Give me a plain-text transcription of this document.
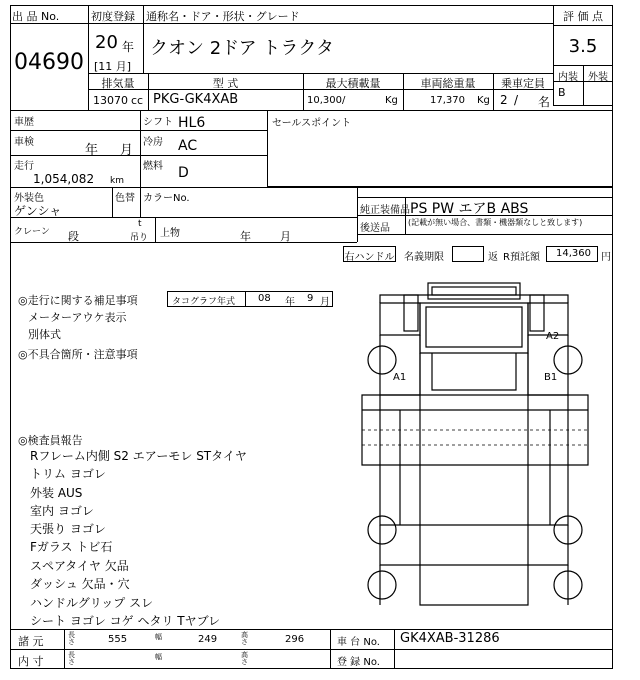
出 品 No.
04690
初度登録
20 年
[11 月]
通称名・ドア・形状・グレード
クオン 2ドア トラクタ
評 価 点
3.5
内装	外装
B
排気量
13070 cc
型 式
PKG-GK4XAB
最大積載量
10,300 /	Kg
車両総重量
17,370 Kg
乗車定員
2 / 名
車歴
車検
年 月
走行
1,054,082 km
シフト HL6
冷房 AC
燃料 D
セールスポイント
外装色
ゲンシャ
色替 カラーNo.
純正装備品 PS PW エアB ABS
後送品
(記載が無い場合、書類・機器類なしと致します)
クレーン 段
t
吊り 上物	年	月
右ハンドル 名義期限	返 R預託額 14,360 円
◎走行に関する補足事項	タコグラフ年式 08 年 9 月
メーターアウケ表示
別体式
◎不具合箇所・注意事項
◎検査員報告
Rフレーム内側 S2 エアーモレ STタイヤ
トリム ヨゴレ
外装 AUS
室内 ヨゴレ
天張り ヨゴレ
Fガラス トビ石
スペアタイヤ 欠品
ダッシュ 欠品・穴
ハンドルグリップ スレ
シート ヨゴレ コゲ ヘタリ Tヤブレ
A2
A1	B1
諸 元
内 寸
長さ	555	幅	249	高さ	296
長さ
幅	高さ
車 台 No. GK4XAB-31286
登 録 No.
